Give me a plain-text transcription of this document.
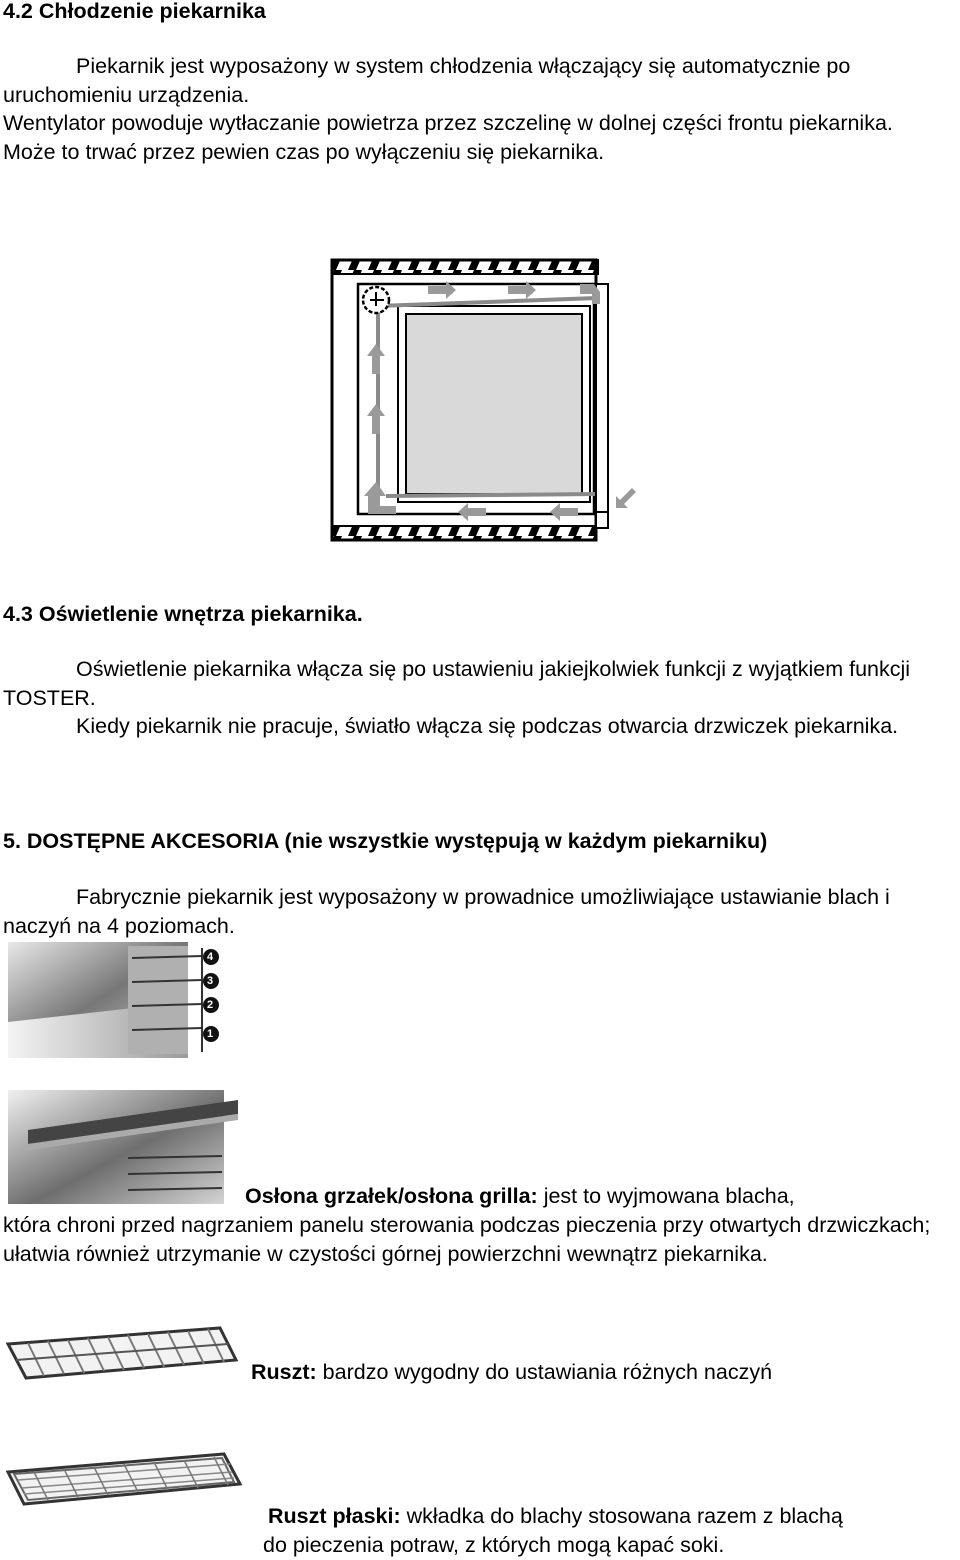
4.2 Chłodzenie piekarnika

Piekarnik jest wyposażony w system chłodzenia włączający się automatycznie po uruchomieniu urządzenia.

Wentylator powoduje wytłaczanie powietrza przez szczelinę w dolnej części frontu piekarnika. Może to trwać przez pewien czas po wyłączeniu się piekarnika.

4.3 Oświetlenie wnętrza piekarnika.

Oświetlenie piekarnika włącza się po ustawieniu jakiejkolwiek funkcji z wyjątkiem funkcji TOSTER.

Kiedy piekarnik nie pracuje, światło włącza się podczas otwarcia drzwiczek piekarnika.

5. DOSTĘPNE AKCESORIA (nie wszystkie występują w każdym piekarniku)

Fabrycznie piekarnik jest wyposażony w prowadnice umożliwiające ustawianie blach i naczyń na 4 poziomach.

4
3
2
1

Osłona grzałek/osłona grilla: jest to wyjmowana blacha,

która chroni przed nagrzaniem panelu sterowania podczas pieczenia przy otwartych drzwiczkach; ułatwia również utrzymanie w czystości górnej powierzchni wewnątrz piekarnika.

Ruszt: bardzo wygodny do ustawiania różnych naczyń

Ruszt płaski: wkładka do blachy stosowana razem z blachą

do pieczenia potraw, z których mogą kapać soki.
